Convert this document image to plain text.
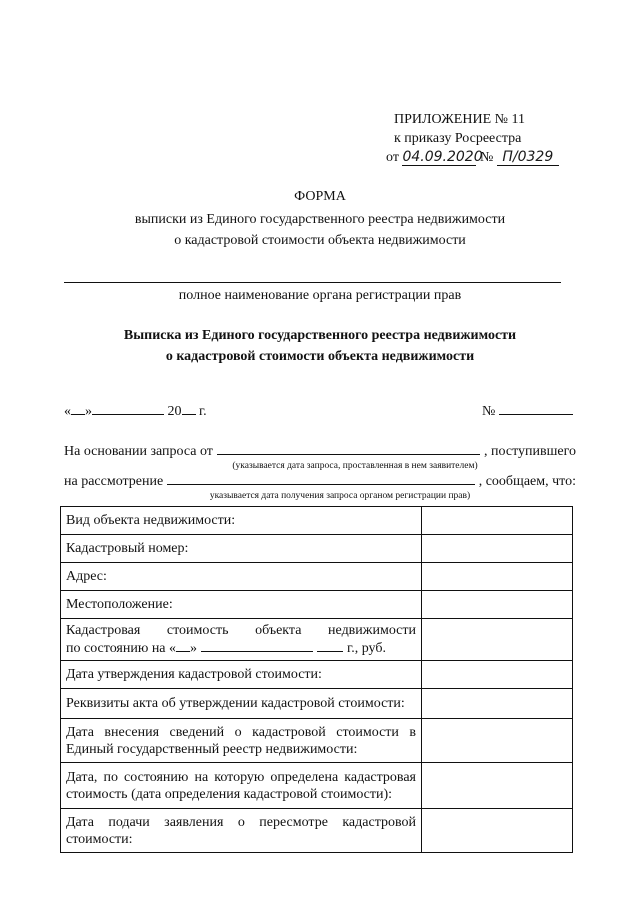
ПРИЛОЖЕНИЕ № 11
к приказу Росреестра
от 04.09.2020 № П/0329
ФОРМА
выписки из Единого государственного реестра недвижимости
о кадастровой стоимости объекта недвижимости
полное наименование органа регистрации прав
Выписка из Единого государственного реестра недвижимости
о кадастровой стоимости объекта недвижимости
« »	20 г.	№
На основании запроса от	, поступившего
(указывается дата запроса, проставленная в нем заявителем)
на рассмотрение	, сообщаем, что:
указывается дата получения запроса органом регистрации прав)
Вид объекта недвижимости:	
Кадастровый номер:	
Адрес:	
Местоположение:	

Кадастровая стоимость объекта недвижимости
по состоянию на « » г., руб.	

Дата утверждения кадастровой стоимости:	
Реквизиты акта об утверждении кадастровой стоимости:	
Дата внесения сведений о кадастровой стоимости в Единый государственный реестр недвижимости:	
Дата, по состоянию на которую определена кадастровая стоимость (дата определения кадастровой стоимости):	
Дата подачи заявления о пересмотре кадастровой стоимости:	
